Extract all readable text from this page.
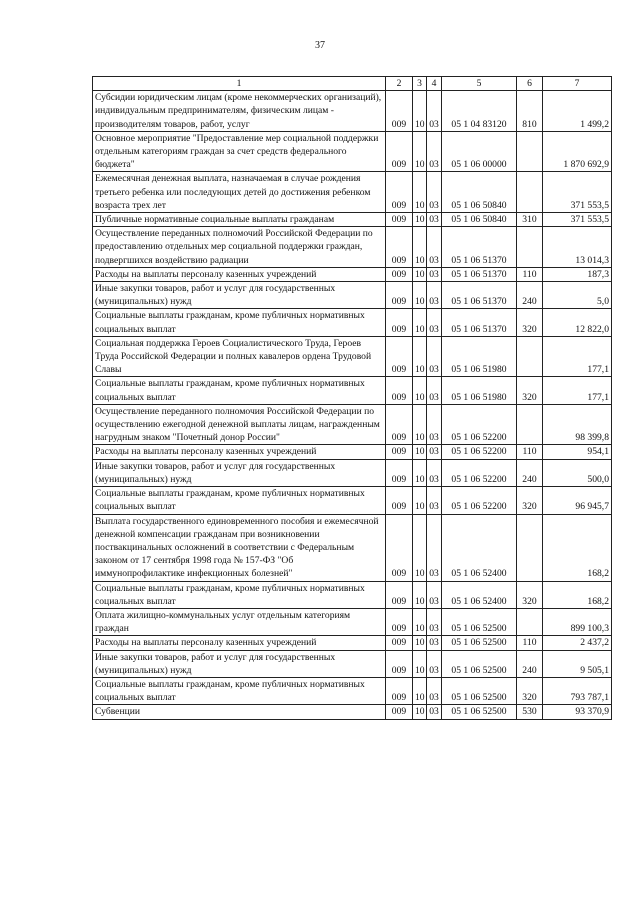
37
1	2	3	4	5	6	7
Субсидии юридическим лицам (кроме некоммерческих организаций), индивидуальным предпринимателям, физическим лицам - производителям товаров, работ, услуг	009	10	03	05 1 04 83120	810	1 499,2
Основное мероприятие "Предоставление мер социальной поддержки отдельным категориям граждан за счет средств федерального бюджета"	009	10	03	05 1 06 00000		1 870 692,9
Ежемесячная денежная выплата, назначаемая в случае рождения третьего ребенка или последующих детей до достижения ребенком возраста трех лет	009	10	03	05 1 06 50840		371 553,5
Публичные нормативные социальные выплаты гражданам	009	10	03	05 1 06 50840	310	371 553,5
Осуществление переданных полномочий Российской Федерации по предоставлению отдельных мер социальной поддержки граждан, подвергшихся воздействию радиации	009	10	03	05 1 06 51370		13 014,3
Расходы на выплаты персоналу казенных учреждений	009	10	03	05 1 06 51370	110	187,3
Иные закупки товаров, работ и услуг для государственных (муниципальных) нужд	009	10	03	05 1 06 51370	240	5,0
Социальные выплаты гражданам, кроме публичных нормативных социальных выплат	009	10	03	05 1 06 51370	320	12 822,0
Социальная поддержка Героев Социалистического Труда, Героев Труда Российской Федерации и полных кавалеров ордена Трудовой Славы	009	10	03	05 1 06 51980		177,1
Социальные выплаты гражданам, кроме публичных нормативных социальных выплат	009	10	03	05 1 06 51980	320	177,1
Осуществление переданного полномочия Российской Федерации по осуществлению ежегодной денежной выплаты лицам, награжденным нагрудным знаком "Почетный донор России"	009	10	03	05 1 06 52200		98 399,8
Расходы на выплаты персоналу казенных учреждений	009	10	03	05 1 06 52200	110	954,1
Иные закупки товаров, работ и услуг для государственных (муниципальных) нужд	009	10	03	05 1 06 52200	240	500,0
Социальные выплаты гражданам, кроме публичных нормативных социальных выплат	009	10	03	05 1 06 52200	320	96 945,7
Выплата государственного единовременного пособия и ежемесячной денежной компенсации гражданам при возникновении поствакцинальных осложнений в соответствии с Федеральным законом от 17 сентября 1998 года № 157-ФЗ "Об иммунопрофилактике инфекционных болезней"	009	10	03	05 1 06 52400		168,2
Социальные выплаты гражданам, кроме публичных нормативных социальных выплат	009	10	03	05 1 06 52400	320	168,2
Оплата жилищно-коммунальных услуг отдельным категориям граждан	009	10	03	05 1 06 52500		899 100,3
Расходы на выплаты персоналу казенных учреждений	009	10	03	05 1 06 52500	110	2 437,2
Иные закупки товаров, работ и услуг для государственных (муниципальных) нужд	009	10	03	05 1 06 52500	240	9 505,1
Социальные выплаты гражданам, кроме публичных нормативных социальных выплат	009	10	03	05 1 06 52500	320	793 787,1
Субвенции	009	10	03	05 1 06 52500	530	93 370,9
